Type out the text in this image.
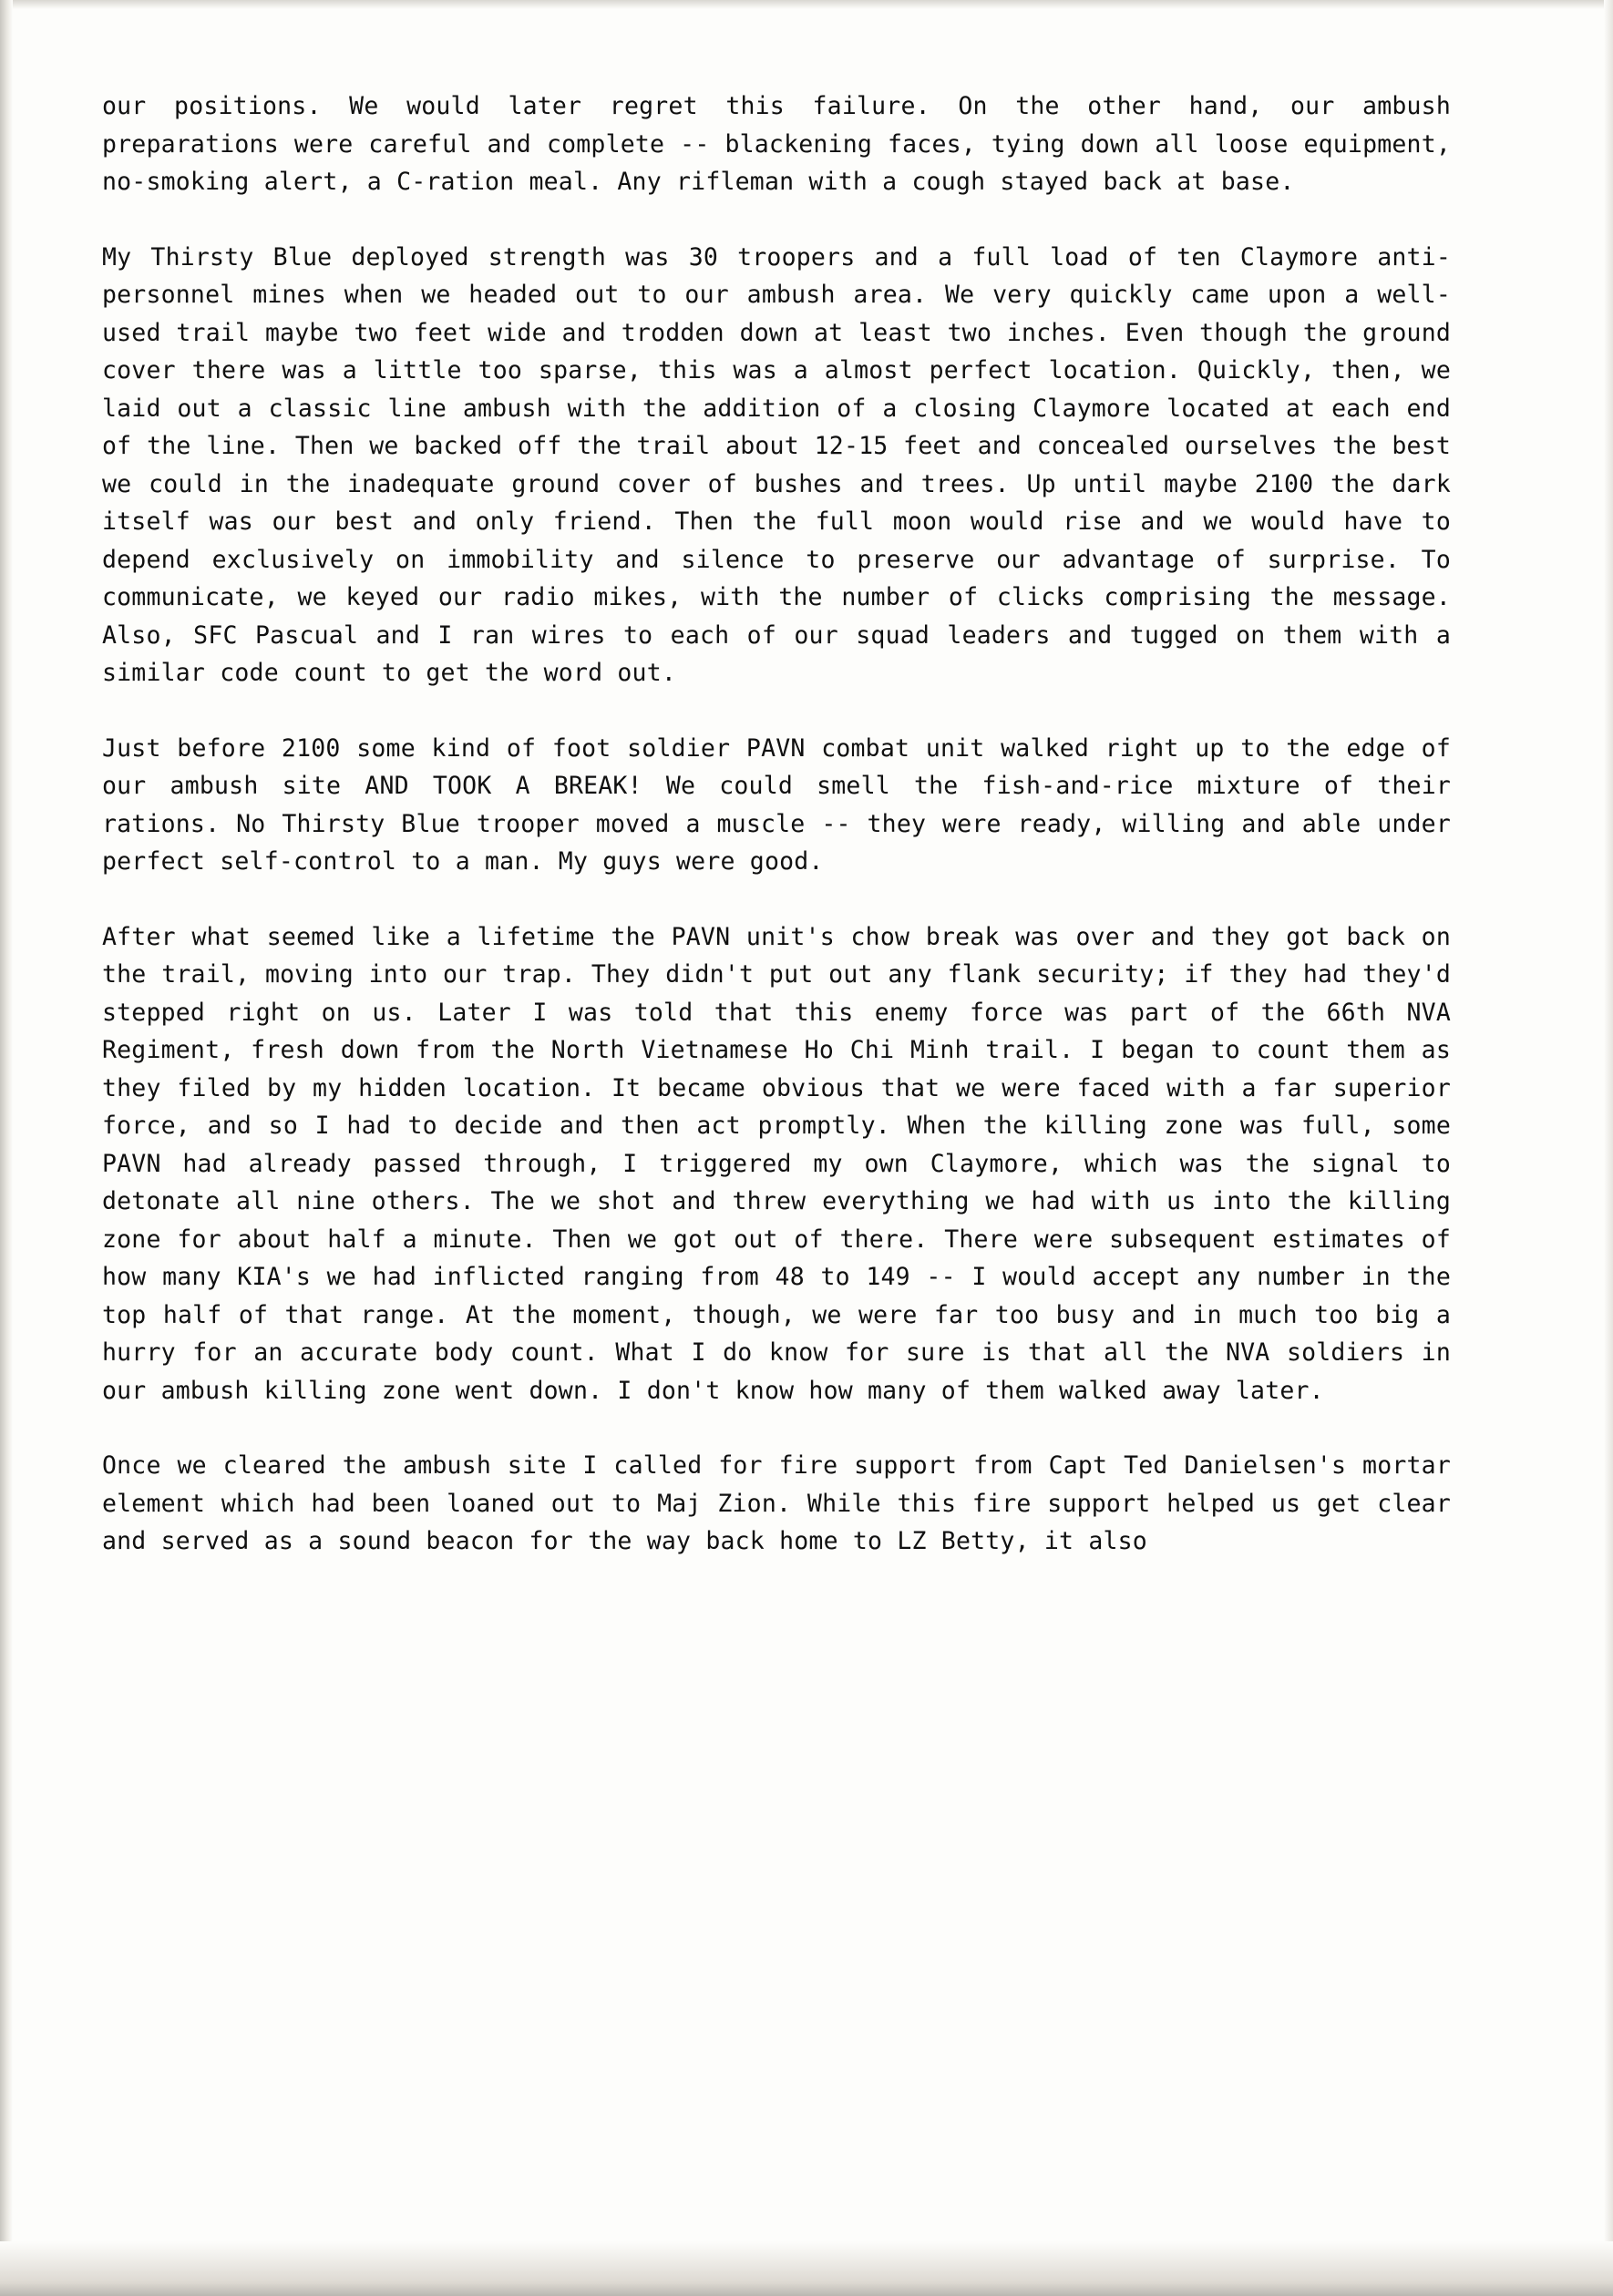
our positions. We would later regret this failure. On the other hand, our ambush preparations were careful and complete -- blackening faces, tying down all loose equipment, no-smoking alert, a C-ration meal. Any rifleman with a cough stayed back at base.

My Thirsty Blue deployed strength was 30 troopers and a full load of ten Claymore anti-personnel mines when we headed out to our ambush area. We very quickly came upon a well-used trail maybe two feet wide and trodden down at least two inches. Even though the ground cover there was a little too sparse, this was a almost perfect location. Quickly, then, we laid out a classic line ambush with the addition of a closing Claymore located at each end of the line. Then we backed off the trail about 12-15 feet and concealed ourselves the best we could in the inadequate ground cover of bushes and trees. Up until maybe 2100 the dark itself was our best and only friend. Then the full moon would rise and we would have to depend exclusively on immobility and silence to preserve our advantage of surprise. To communicate, we keyed our radio mikes, with the number of clicks comprising the message. Also, SFC Pascual and I ran wires to each of our squad leaders and tugged on them with a similar code count to get the word out.

Just before 2100 some kind of foot soldier PAVN combat unit walked right up to the edge of our ambush site AND TOOK A BREAK! We could smell the fish-and-rice mixture of their rations. No Thirsty Blue trooper moved a muscle -- they were ready, willing and able under perfect self-control to a man. My guys were good.

After what seemed like a lifetime the PAVN unit's chow break was over and they got back on the trail, moving into our trap. They didn't put out any flank security; if they had they'd stepped right on us. Later I was told that this enemy force was part of the 66th NVA Regiment, fresh down from the North Vietnamese Ho Chi Minh trail. I began to count them as they filed by my hidden location. It became obvious that we were faced with a far superior force, and so I had to decide and then act promptly. When the killing zone was full, some PAVN had already passed through, I triggered my own Claymore, which was the signal to detonate all nine others. The we shot and threw everything we had with us into the killing zone for about half a minute. Then we got out of there. There were subsequent estimates of how many KIA's we had inflicted ranging from 48 to 149 -- I would accept any number in the top half of that range. At the moment, though, we were far too busy and in much too big a hurry for an accurate body count. What I do know for sure is that all the NVA soldiers in our ambush killing zone went down. I don't know how many of them walked away later.

Once we cleared the ambush site I called for fire support from Capt Ted Danielsen's mortar element which had been loaned out to Maj Zion. While this fire support helped us get clear and served as a sound beacon for the way back home to LZ Betty, it also
